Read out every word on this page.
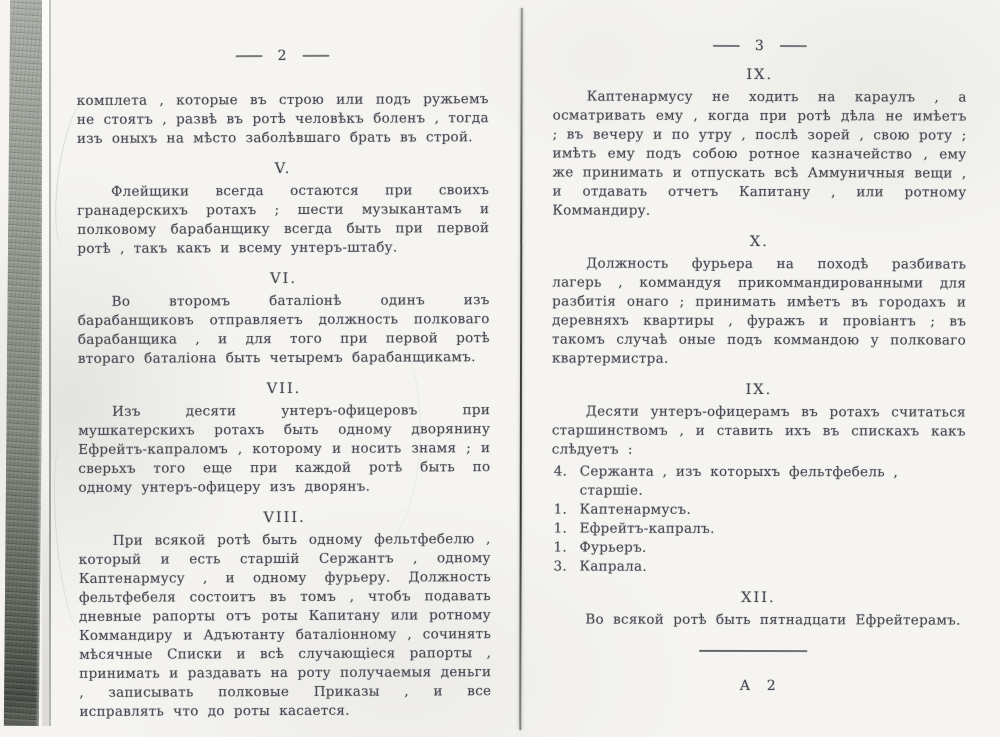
2

комплета , которые въ строю или подъ ружьемъ не стоятъ , развѣ въ ротѣ человѣкъ боленъ , тогда изъ оныхъ на мѣсто заболѣвшаго брать въ строй.

V.

Флейщики всегда остаются при своихъ гранадерскихъ ротахъ ; шести музыкантамъ и полковому барабанщику всегда быть при первой ротѣ , такъ какъ и всему унтеръ-штабу.

VI.

Во второмъ баталіонѣ одинъ изъ барабанщиковъ отправляетъ должность полковаго барабанщика , и для того при первой ротѣ втораго баталіона быть четыремъ барабанщикамъ.

VII.

Изъ десяти унтеръ-офицеровъ при мушкатерскихъ ротахъ быть одному дворянину Ефрейтъ-капраломъ , которому и носить знамя ; и сверьхъ того еще при каждой ротѣ быть по одному унтеръ-офицеру изъ дворянъ.

VIII.

При всякой ротѣ быть одному фельтфебелю , который и есть старшій Сержантъ , одному Каптенармусу , и одному фурьеру. Должность фельтфебеля состоитъ въ томъ , чтобъ подавать дневные рапорты отъ роты Капитану или ротному Коммандиру и Адъютанту баталіонному , сочинять мѣсячные Списки и всѣ случающіеся рапорты , принимать и раздавать на роту получаемыя деньги , записывать полковые Приказы , и все исправлять что до роты касается.

3
IX.

Каптенармусу не ходить на караулъ , а осматривать ему , когда при ротѣ дѣла не имѣетъ ; въ вечеру и по утру , послѣ зорей , свою роту ; имѣть ему подъ собою ротное казначейство , ему же принимать и отпускать всѣ Аммуничныя вещи , и отдавать отчетъ Капитану , или ротному Коммандиру.

X.

Должность фурьера на походѣ разбивать лагерь , коммандуя прикоммандированными для разбитія онаго ; принимать имѣетъ въ городахъ и деревняхъ квартиры , фуражъ и провіантъ ; въ такомъ случаѣ оные подъ коммандою у полковаго квартермистра.

IX.

Десяти унтеръ-офицерамъ въ ротахъ считаться старшинствомъ , и ставить ихъ въ спискахъ какъ слѣдуетъ :

4. Сержанта , изъ которыхъ фельтфебель , старшіе.
1. Каптенармусъ.
1. Ефрейтъ-капралъ.
1. Фурьеръ.
3. Капрала.
XII.

Во всякой ротѣ быть пятнадцати Ефрейтерамъ.

А 2
